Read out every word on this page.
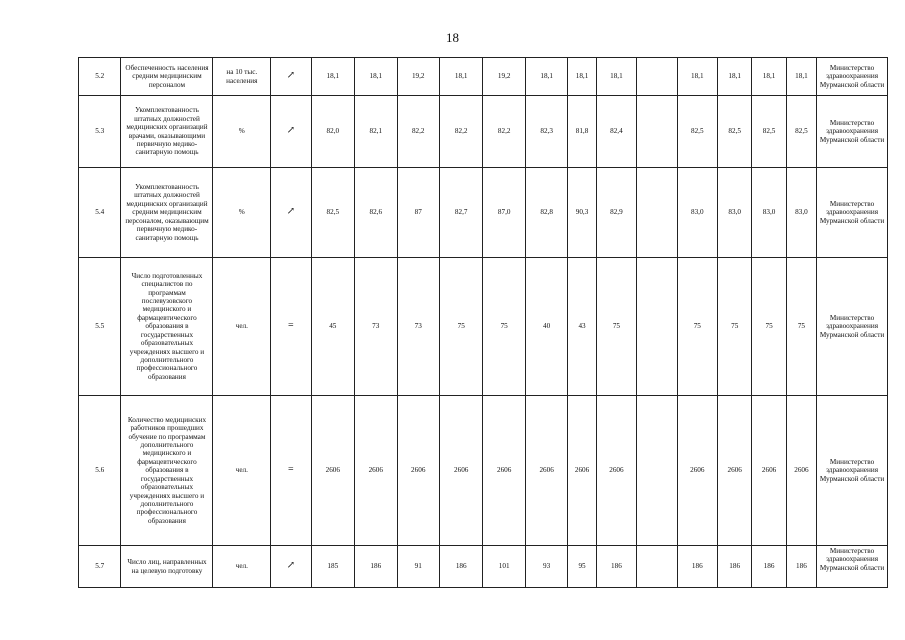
18
5.2	Обеспеченность населения средним медицинским персоналом	на 10 тыс. населения	↗	18,1	18,1	19,2	18,1	19,2	18,1	18,1	18,1		18,1	18,1	18,1	18,1	Министерство здравоохранения Мурманской области
5.3	Укомплектованность штатных должностей медицинских организаций врачами, оказывающими первичную медико-санитарную помощь	%	↗	82,0	82,1	82,2	82,2	82,2	82,3	81,8	82,4		82,5	82,5	82,5	82,5	Министерство здравоохранения Мурманской области
5.4	Укомплектованность штатных должностей медицинских организаций средним медицинским персоналом, оказывающим первичную медико-санитарную помощь	%	↗	82,5	82,6	87	82,7	87,0	82,8	90,3	82,9		83,0	83,0	83,0	83,0	Министерство здравоохранения Мурманской области
5.5	Число подготовленных специалистов по программам послевузовского медицинского и фармацевтического образования в государственных образовательных учреждениях высшего и дополнительного профессионального образования	чел.	=	45	73	73	75	75	40	43	75		75	75	75	75	Министерство здравоохранения Мурманской области
5.6	Количество медицинских работников прошедших обучение по программам дополнительного медицинского и фармацевтического образования в государственных образовательных учреждениях высшего и дополнительного профессионального образования	чел.	=	2606	2606	2606	2606	2606	2606	2606	2606		2606	2606	2606	2606	Министерство здравоохранения Мурманской области
5.7	Число лиц, направленных на целевую подготовку	чел.	↗	185	186	91	186	101	93	95	186		186	186	186	186	Министерство здравоохранения Мурманской области
